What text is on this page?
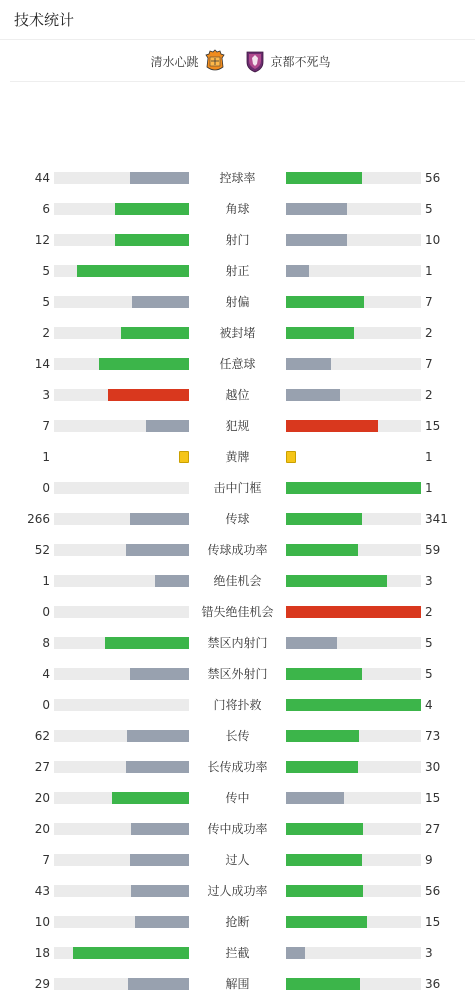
技术统计
清水心跳	京都不死鸟
44	控球率	56
6	角球	5
12	射门	10
5	射正	1
5	射偏	7
2	被封堵	2
14	任意球	7
3	越位	2
7	犯规	15
1	黄牌	1
0	击中门框	1
266	传球	341
52	传球成功率	59
1	绝佳机会	3
0	错失绝佳机会	2
8	禁区内射门	5
4	禁区外射门	5
0	门将扑救	4
62	长传	73
27	长传成功率	30
20	传中	15
20	传中成功率	27
7	过人	9
43	过人成功率	56
10	抢断	15
18	拦截	3
29	解围	36
